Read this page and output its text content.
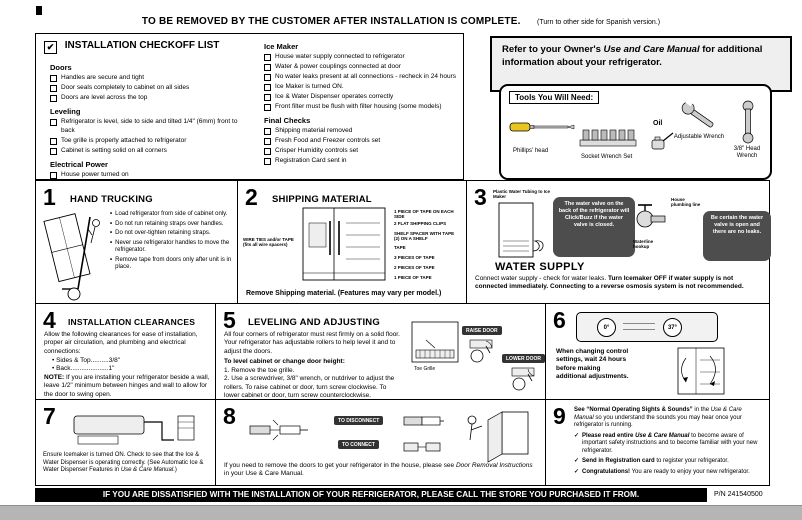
TO BE REMOVED BY THE CUSTOMER AFTER INSTALLATION IS COMPLETE. (Turn to other side for Spanish version.)
✔ INSTALLATION CHECKOFF LIST
Doors
Handles are secure and tight
Door seals completely to cabinet on all sides
Doors are level across the top
Leveling
Refrigerator is level, side to side and tilted 1/4" (6mm) front to back
Toe grille is properly attached to refrigerator
Cabinet is setting solid on all corners
Electrical Power
House power turned on
Ice Maker
House water supply connected to refrigerator
Water & power couplings connected at door
No water leaks present at all connections - recheck in 24 hours
Ice Maker is turned ON.
Ice & Water Dispenser operates correctly
Front filter must be flush with filter housing (some models)
Final Checks
Shipping material removed
Fresh Food and Freezer controls set
Crisper Humidity controls set
Registration Card sent in
Refer to your Owner's Use and Care Manual for additional information about your refrigerator.
Tools You Will Need:
Phillips' head
Socket Wrench Set
Oil
Adjustable Wrench
3/8" Head Wrench
1 HAND TRUCKING
• Load refrigerator from side of cabinet only.
• Do not run retaining straps over handles.
• Do not over-tighten retaining straps.
• Never use refrigerator handles to move the refrigerator.
• Remove tape from doors only after unit is in place.
2 SHIPPING MATERIAL
1 PIECE OF TAPE ON EACH SIDE
2 FLAT SHIPPING CLIPS
SHELF SPACER WITH TAPE (2) ON A SHELF
TAPE
WIRE TIES and/or TAPE (fits all wire spacers)
3 PIECES OF TAPE
2 PIECES OF TAPE
1 PIECE OF TAPE
Remove Shipping material. (Features may vary per model.)
3 Plastic Water Tubing to Ice Maker
The water valve on the back of the refrigerator will Click/Buzz if the water valve is closed.
House plumbing line
Be certain the water valve is open and there are no leaks.
Waterline hookup
WATER SUPPLY
Connect water supply - check for water leaks. Turn Icemaker OFF if water supply is not connected immediately. Connecting to a reverse osmosis system is not recommended.
4 INSTALLATION CLEARANCES
Allow the following clearances for ease of installation, proper air circulation, and plumbing and electrical connections:
• Sides & Top..........3/8"
• Back.....................1"
NOTE: If you are installing your refrigerator beside a wall, leave 1/2" minimum between hinges and wall to allow for the door to swing open.
5 LEVELING AND ADJUSTING
All four corners of refrigerator must rest firmly on a solid floor. Your refrigerator has adjustable rollers to help level it and to adjust the doors.
To level cabinet or change door height:
1. Remove the toe grille.
2. Use a screwdriver, 3/8" wrench, or nutdriver to adjust the rollers. To raise cabinet or door, turn screw clockwise. To lower cabinet or door, turn screw counterclockwise.
Toe Grille
RAISE DOOR
LOWER DOOR
6	0°	37°
When changing control settings, wait 24 hours before making additional adjustments.
7
Ensure Icemaker is turned ON. Check to see that the Ice & Water Dispenser is operating correctly. (See Automatic Ice & Water Dispenser Features in Use & Care Manual.)
8	TO DISCONNECT
TO CONNECT
If you need to remove the doors to get your refrigerator in the house, please see Door Removal Instructions in your Use & Care Manual.
9 See “Normal Operating Sights & Sounds” in the Use & Care Manual so you understand the sounds you may hear once your refrigerator is running.
✓ Please read entire Use & Care Manual to become aware of important safety instructions and to become familiar with your new refrigerator.
✓ Send in Registration card to register your refrigerator.
✓ Congratulations! You are ready to enjoy your new refrigerator.
IF YOU ARE DISSATISFIED WITH THE INSTALLATION OF YOUR REFRIGERATOR, PLEASE CALL THE STORE YOU PURCHASED IT FROM.	P/N 241540500
